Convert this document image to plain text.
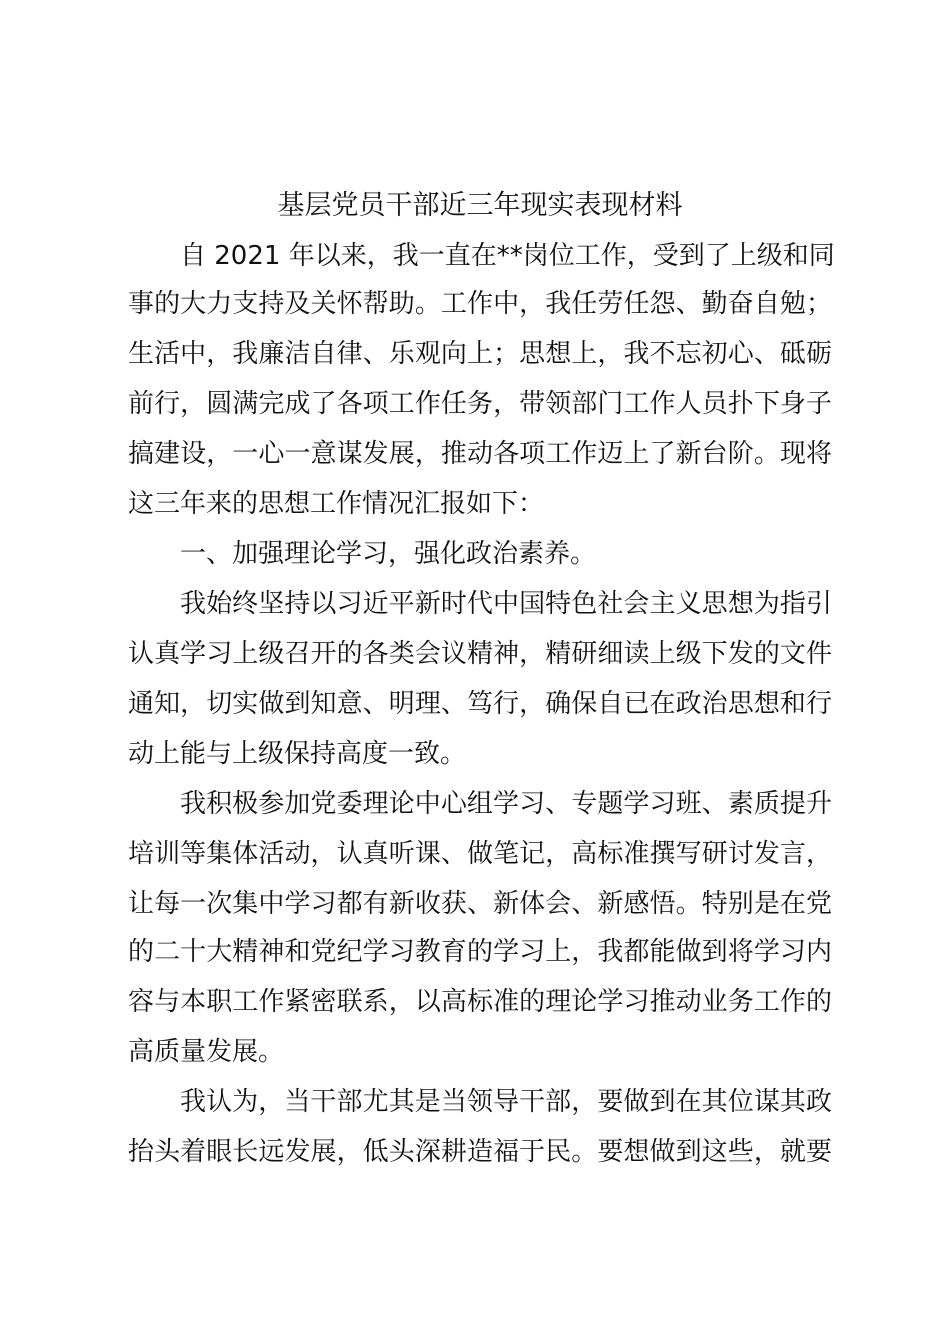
基层党员干部近三年现实表现材料
自 2021 年以来，我一直在**岗位工作，受到了上级和同
事的大力支持及关怀帮助。工作中，我任劳任怨、勤奋自勉；
生活中，我廉洁自律、乐观向上；思想上，我不忘初心、砥砺
前行，圆满完成了各项工作任务，带领部门工作人员扑下身子
搞建设，一心一意谋发展，推动各项工作迈上了新台阶。现将
这三年来的思想工作情况汇报如下：
一、加强理论学习，强化政治素养。
我始终坚持以习近平新时代中国特色社会主义思想为指引
认真学习上级召开的各类会议精神，精研细读上级下发的文件
通知，切实做到知意、明理、笃行，确保自已在政治思想和行
动上能与上级保持高度一致。
我积极参加党委理论中心组学习、专题学习班、素质提升
培训等集体活动，认真听课、做笔记，高标准撰写研讨发言，
让每一次集中学习都有新收获、新体会、新感悟。特别是在党
的二十大精神和党纪学习教育的学习上，我都能做到将学习内
容与本职工作紧密联系，以高标准的理论学习推动业务工作的
高质量发展。
我认为，当干部尤其是当领导干部，要做到在其位谋其政
抬头着眼长远发展，低头深耕造福于民。要想做到这些，就要
